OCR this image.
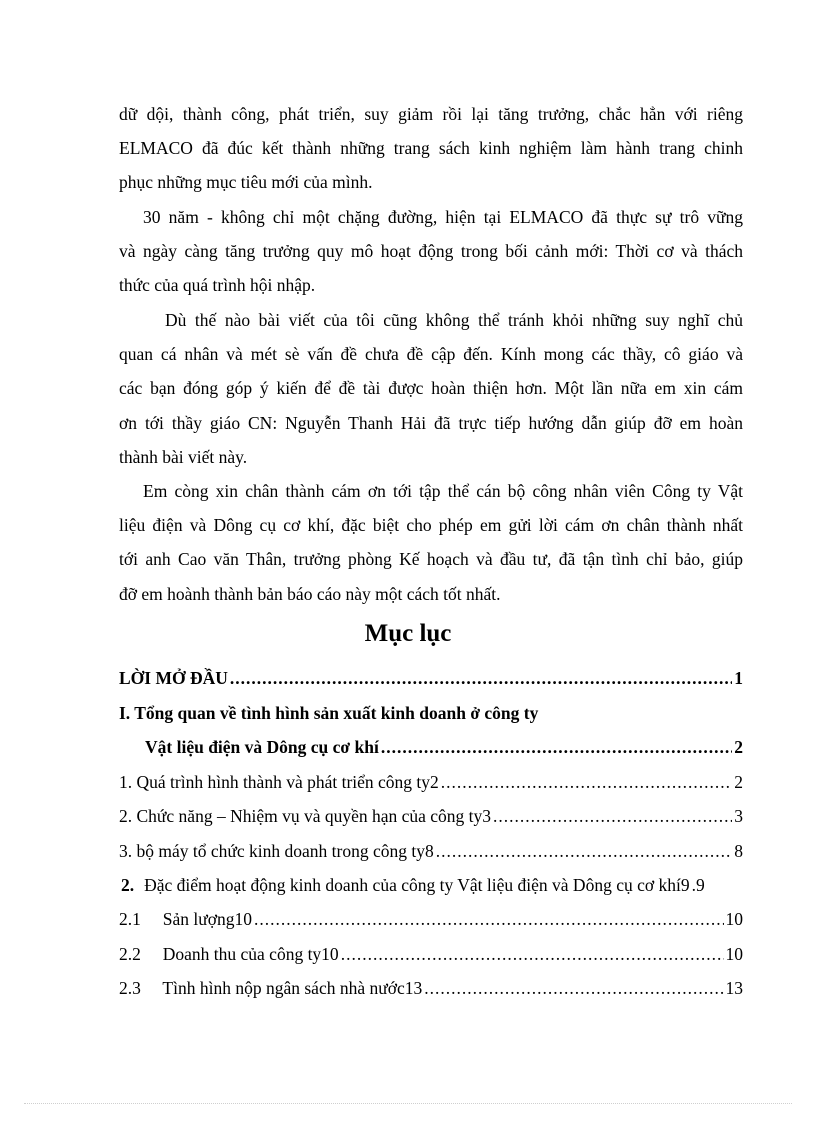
dữ dội, thành công, phát triển, suy giảm rồi lại tăng trưởng, chắc hẳn với riêng
ELMACO đã đúc kết thành những trang sách kinh nghiệm làm hành trang chinh
phục những mục tiêu mới của mình.
30 năm - không chỉ một chặng đường, hiện tại ELMACO đã thực sự trô vững
và ngày càng tăng trưởng quy mô hoạt động trong bối cảnh mới: Thời cơ và thách
thức của quá trình hội nhập.
Dù thế nào bài viết của tôi cũng không thể tránh khỏi những suy nghĩ chủ
quan cá nhân và mét sè vấn đề chưa đề cập đến. Kính mong các thầy, cô giáo và
các bạn đóng góp ý kiến để đề tài được hoàn thiện hơn. Một lần nữa em xin cám
ơn tới thầy giáo CN: Nguyễn Thanh Hải đã trực tiếp hướng dẫn giúp đỡ em hoàn
thành bài viết này.
Em còng xin chân thành cám ơn tới tập thể cán bộ công nhân viên Công ty Vật
liệu điện và Dông cụ cơ khí, đặc biệt cho phép em gửi lời cám ơn chân thành nhất
tới anh Cao văn Thân, trưởng phòng Kế hoạch và đầu tư, đã tận tình chỉ bảo, giúp
đỡ em hoành thành bản báo cáo này một cách tốt nhất.
Mục lục
LỜI MỞ ĐẦU .....	1
I. Tổng quan về tình hình sản xuất kinh doanh ở công ty
Vật liệu điện và Dông cụ cơ khí .....	2
1. Quá trình hình thành và phát triển công ty2 .....	2
2. Chức năng – Nhiệm vụ và quyền hạn của công ty3 .....	3
3. bộ máy tổ chức kinh doanh trong công ty8 .....	8
2. Đặc điểm hoạt động kinh doanh của công ty Vật liệu điện và Dông cụ cơ khí9 .9
2.1     Sản lượng10 .....	10
2.2     Doanh thu của công ty10 .....	10
2.3     Tình hình nộp ngân sách nhà nước13 .....	13
